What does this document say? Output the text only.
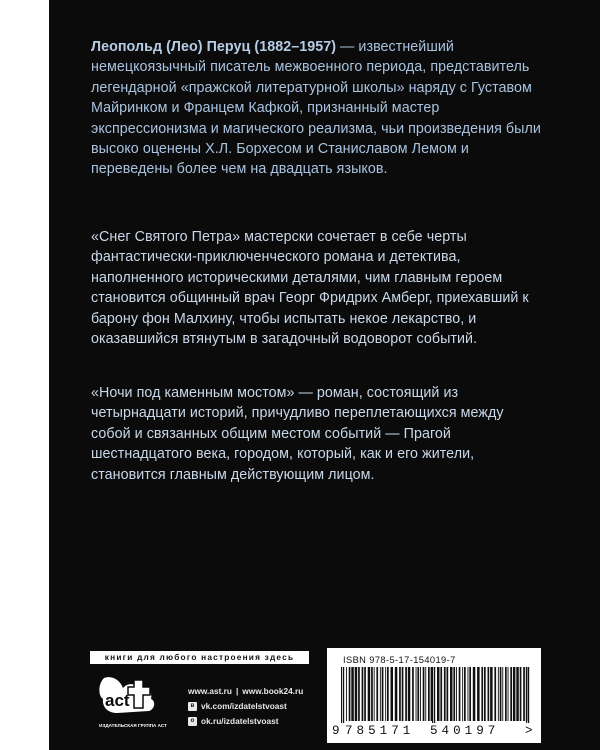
Леопольд (Лео) Перуц (1882–1957) — известнейший немецкоязычный писатель межвоенного периода, представитель легендарной «пражской литературной школы» наряду с Густавом Майринком и Францем Кафкой, признанный мастер экспрессионизма и магического реализма, чьи произведения были высоко оценены Х.Л. Борхесом и Станиславом Лемом и переведены более чем на двадцать языков.

«Снег Святого Петра» мастерски сочетает в себе черты фантастически-приключенческого романа и детектива, наполненного историческими деталями, чим главным героем становится общинный врач Георг Фридрих Амберг, приехавший к барону фон Малхину, чтобы испытать некое лекарство, и оказавшийся втянутым в загадочный водоворот событий.

«Ночи под каменным мостом» — роман, состоящий из четырнадцати историй, причудливо переплетающихся между собой и связанных общим местом событий — Прагой шестнадцатого века, городом, который, как и его жители, становится главным действующим лицом.

книги для любого настроения здесь
act
ИЗДАТЕЛЬСКАЯ ГРУППА АСТ
www.ast.ru | www.book24.ru
в vk.com/izdatelstvoast
о ok.ru/izdatelstvoast
ISBN 978-5-17-154019-7
9 785171 540197 >
